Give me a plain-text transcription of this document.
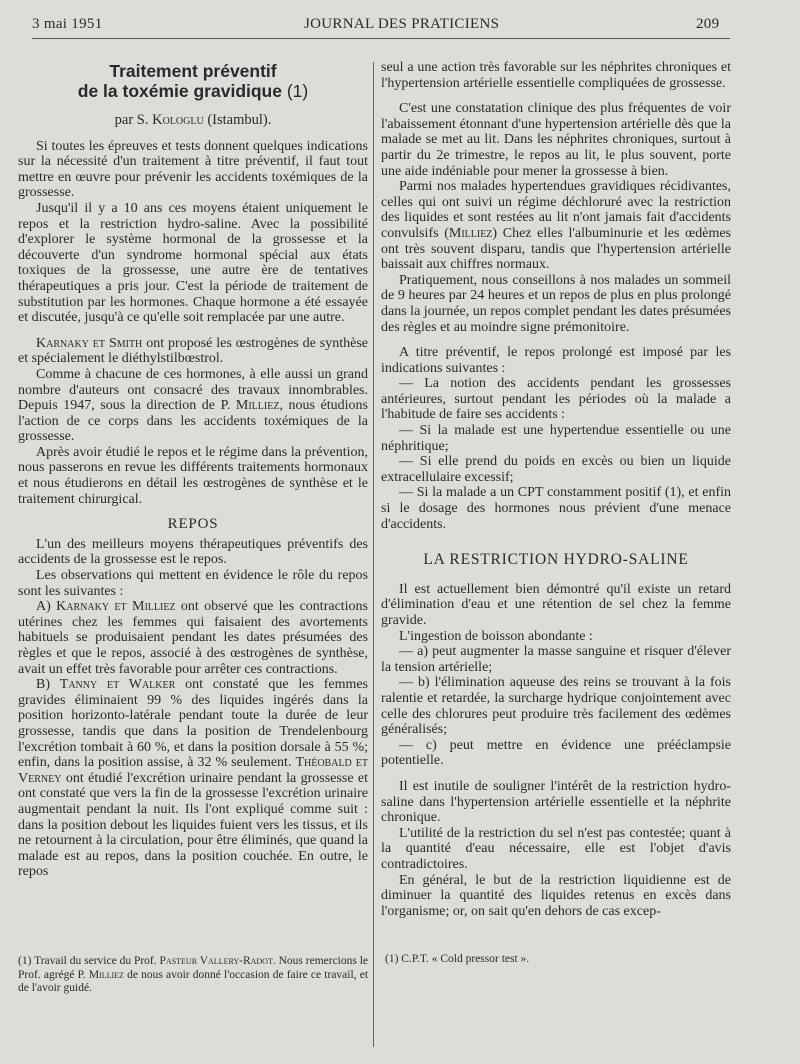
3 mai 1951	JOURNAL DES PRATICIENS	209
Traitement préventif
de la toxémie gravidique (1)
par S. Kologlu (Istambul).

Si toutes les épreuves et tests donnent quelques indications sur la nécessité d'un traitement à titre préventif, il faut tout mettre en œuvre pour prévenir les accidents toxémiques de la grossesse.

Jusqu'il il y a 10 ans ces moyens étaient uniquement le repos et la restriction hydro-saline. Avec la possibilité d'explorer le système hormonal de la grossesse et la découverte d'un syndrome hormonal spécial aux états toxiques de la grossesse, une autre ère de tentatives thérapeutiques a pris jour. C'est la période de traitement de substitution par les hormones. Chaque hormone a été essayée et discutée, jusqu'à ce qu'elle soit remplacée par une autre.

Karnaky et Smith ont proposé les œstrogènes de synthèse et spécialement le diéthylstilbœstrol.

Comme à chacune de ces hormones, à elle aussi un grand nombre d'auteurs ont consacré des travaux innombrables. Depuis 1947, sous la direction de P. Milliez, nous étudions l'action de ce corps dans les accidents toxémiques de la grossesse.

Après avoir étudié le repos et le régime dans la prévention, nous passerons en revue les différents traitements hormonaux et nous étudierons en détail les œstrogènes de synthèse et le traitement chirurgical.

REPOS

L'un des meilleurs moyens thérapeutiques préventifs des accidents de la grossesse est le repos.

Les observations qui mettent en évidence le rôle du repos sont les suivantes :

A) Karnaky et Milliez ont observé que les contractions utérines chez les femmes qui faisaient des avortements habituels se produisaient pendant les dates présumées des règles et que le repos, associé à des œstrogènes de synthèse, avait un effet très favorable pour arrêter ces contractions.

B) Tanny et Walker ont constaté que les femmes gravides éliminaient 99 % des liquides ingérés dans la position horizonto-latérale pendant toute la durée de leur grossesse, tandis que dans la position de Trendelenbourg l'excrétion tombait à 60 %, et dans la position dorsale à 55 %; enfin, dans la position assise, à 32 % seulement. Théobald et Verney ont étudié l'excrétion urinaire pendant la grossesse et ont constaté que vers la fin de la grossesse l'excrétion urinaire augmentait pendant la nuit. Ils l'ont expliqué comme suit : dans la position debout les liquides fuient vers les tissus, et ils ne retournent à la circulation, pour être éliminés, que quand la malade est au repos, dans la position couchée. En outre, le repos

(1) Travail du service du Prof. Pasteur Vallery-Radot. Nous remercions le Prof. agrégé P. Milliez de nous avoir donné l'occasion de faire ce travail, et de l'avoir guidé.

seul a une action très favorable sur les néphrites chroniques et l'hypertension artérielle essentielle compliquées de grossesse.

C'est une constatation clinique des plus fréquentes de voir l'abaissement étonnant d'une hypertension artérielle dès que la malade se met au lit. Dans les néphrites chroniques, surtout à partir du 2e trimestre, le repos au lit, le plus souvent, porte une aide indéniable pour mener la grossesse à bien.

Parmi nos malades hypertendues gravidiques récidivantes, celles qui ont suivi un régime déchloruré avec la restriction des liquides et sont restées au lit n'ont jamais fait d'accidents convulsifs (Milliez) Chez elles l'albuminurie et les œdèmes ont très souvent disparu, tandis que l'hypertension artérielle baissait aux chiffres normaux.

Pratiquement, nous conseillons à nos malades un sommeil de 9 heures par 24 heures et un repos de plus en plus prolongé dans la journée, un repos complet pendant les dates présumées des règles et au moindre signe prémonitoire.

A titre préventif, le repos prolongé est imposé par les indications suivantes :

— La notion des accidents pendant les grossesses antérieures, surtout pendant les périodes où la malade a l'habitude de faire ses accidents :

— Si la malade est une hypertendue essentielle ou une néphritique;

— Si elle prend du poids en excès ou bien un liquide extracellulaire excessif;

— Si la malade a un CPT constamment positif (1), et enfin si le dosage des hormones nous prévient d'une menace d'accidents.

LA RESTRICTION HYDRO-SALINE

Il est actuellement bien démontré qu'il existe un retard d'élimination d'eau et une rétention de sel chez la femme gravide.

L'ingestion de boisson abondante :

— a) peut augmenter la masse sanguine et risquer d'élever la tension artérielle;

— b) l'élimination aqueuse des reins se trouvant à la fois ralentie et retardée, la surcharge hydrique conjointement avec celle des chlorures peut produire très facilement des œdèmes généralisés;

— c) peut mettre en évidence une prééclampsie potentielle.

Il est inutile de souligner l'intérêt de la restriction hydro-saline dans l'hypertension artérielle essentielle et la néphrite chronique.

L'utilité de la restriction du sel n'est pas contestée; quant à la quantité d'eau nécessaire, elle est l'objet d'avis contradictoires.

En général, le but de la restriction liquidienne est de diminuer la quantité des liquides retenus en excès dans l'organisme; or, on sait qu'en dehors de cas excep-

(1) C.P.T. « Cold pressor test ».
